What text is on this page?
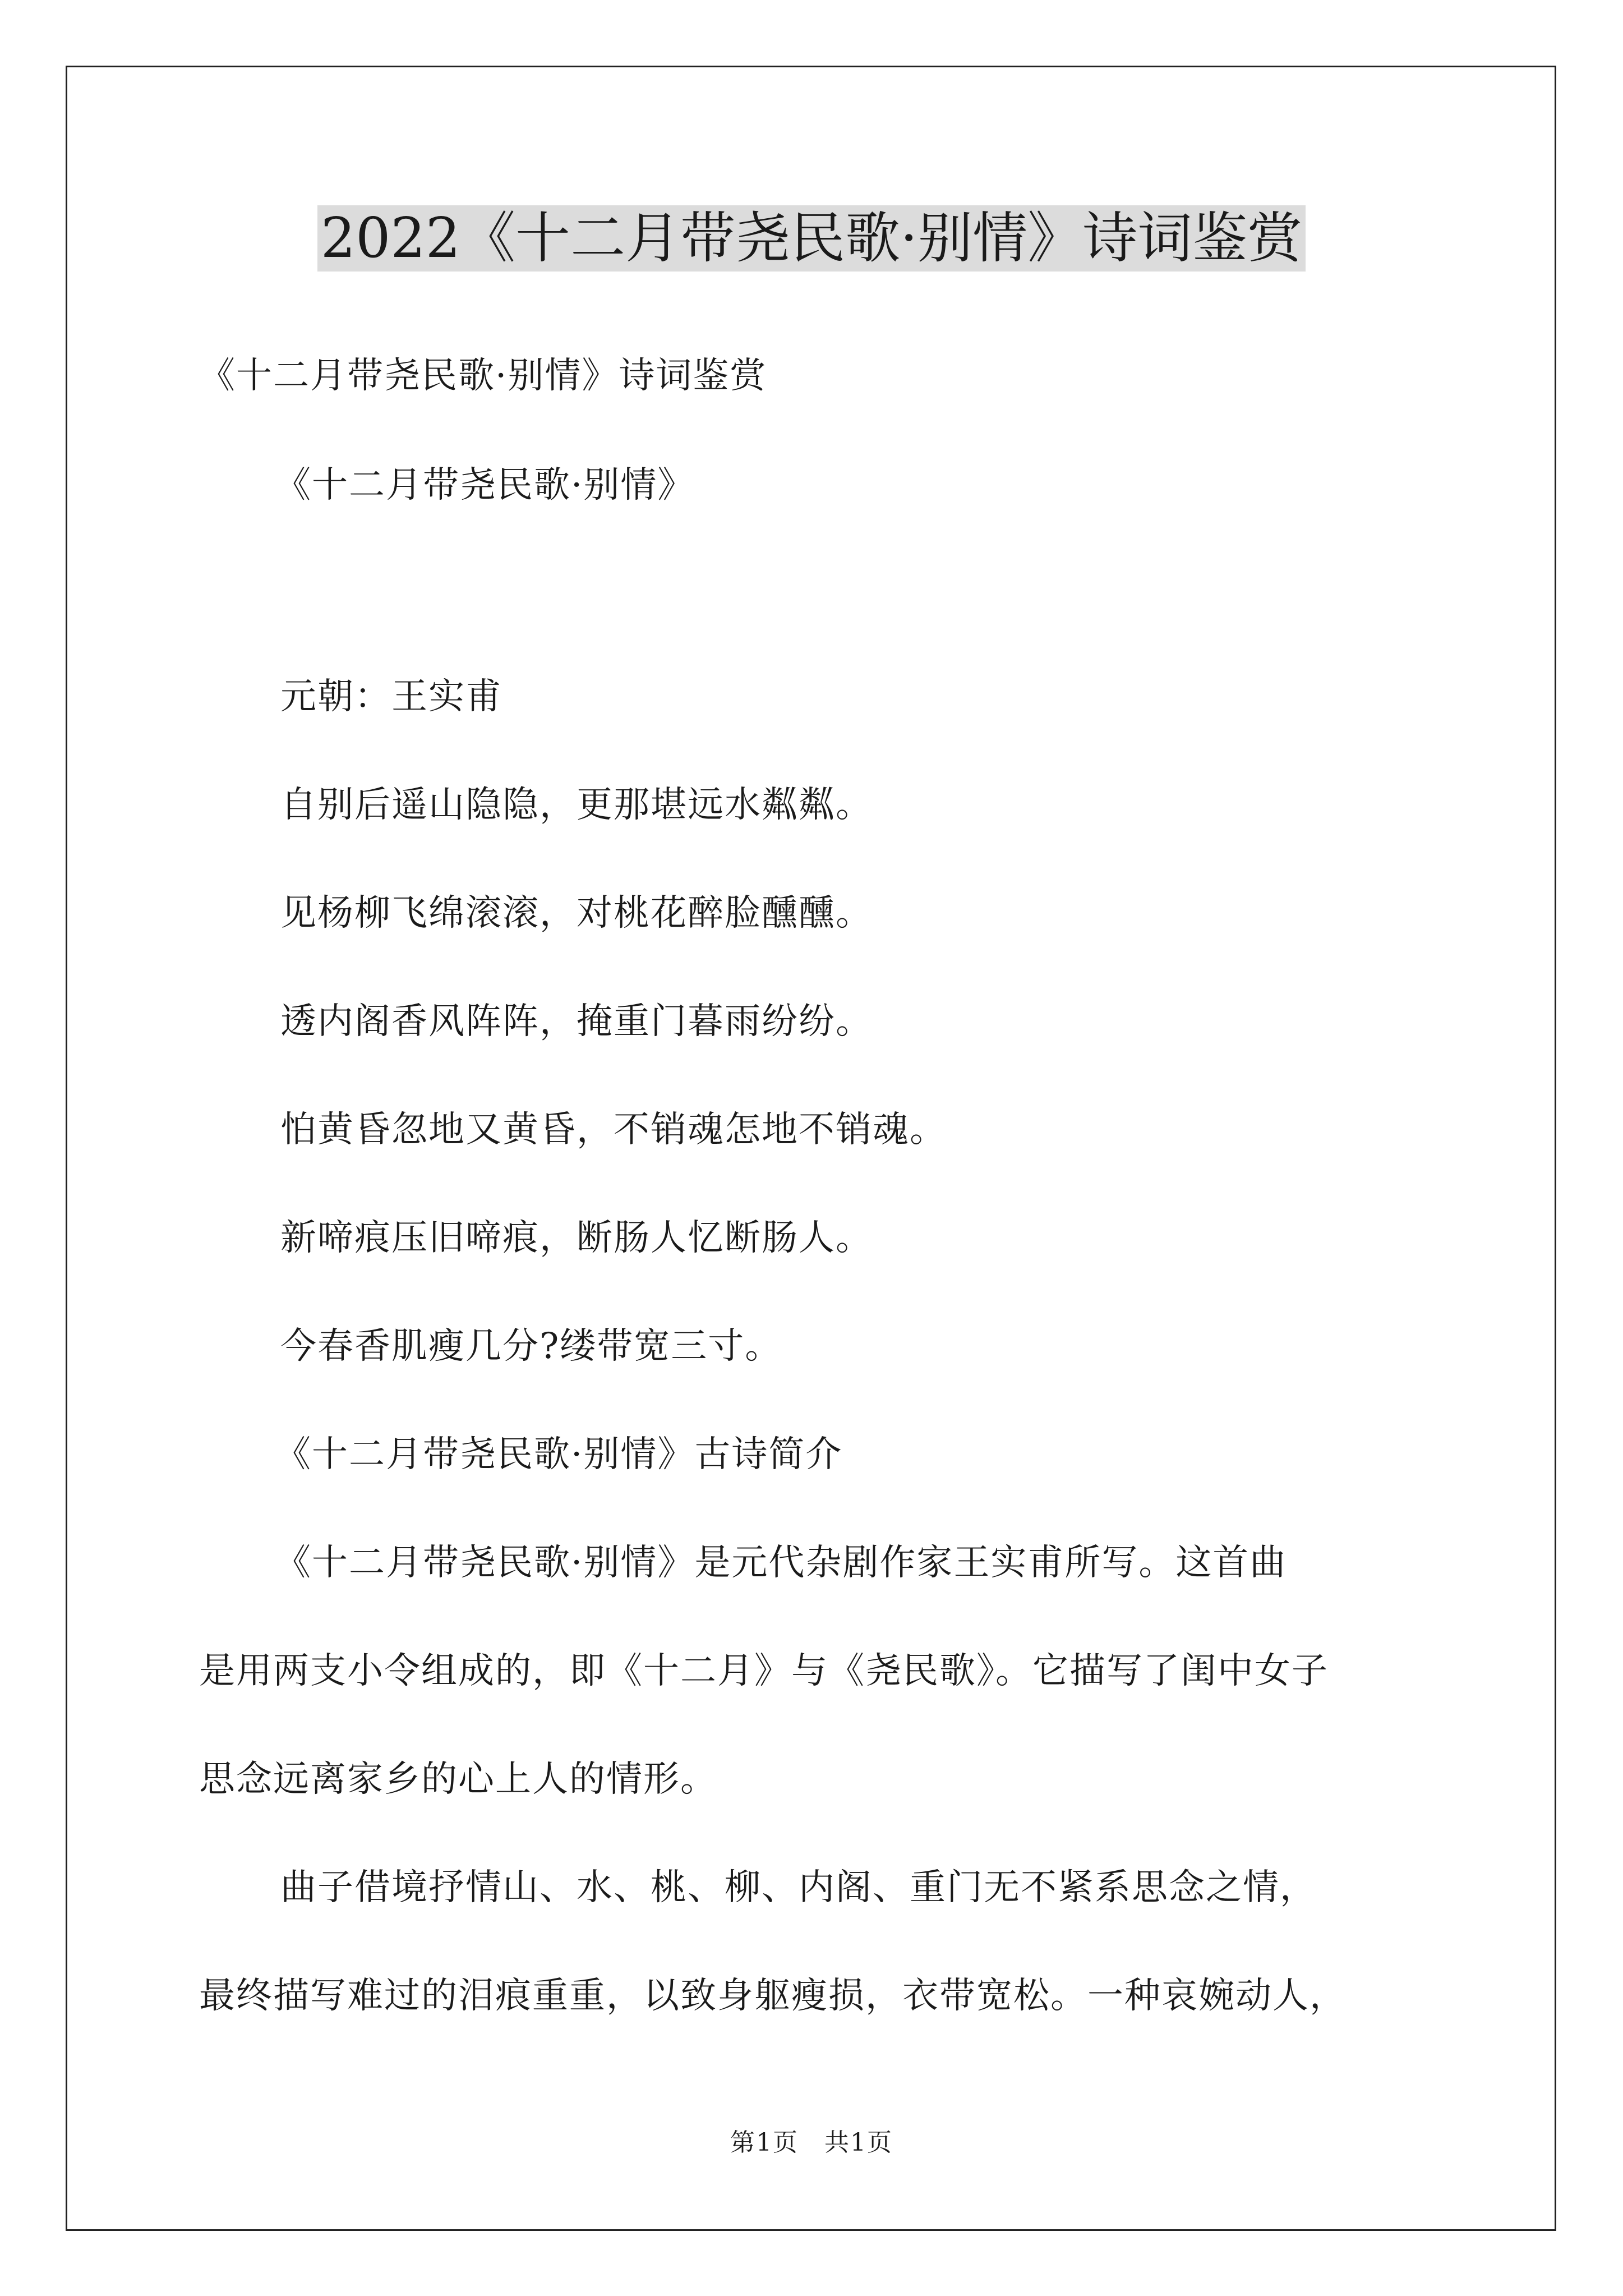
2022《十二月带尧民歌·别情》诗词鉴赏

《十二月带尧民歌·别情》诗词鉴赏

《十二月带尧民歌·别情》

元朝：王实甫

自别后遥山隐隐，更那堪远水粼粼。

见杨柳飞绵滚滚，对桃花醉脸醺醺。

透内阁香风阵阵，掩重门暮雨纷纷。

怕黄昏忽地又黄昏，不销魂怎地不销魂。

新啼痕压旧啼痕，断肠人忆断肠人。

今春香肌瘦几分?缕带宽三寸。

《十二月带尧民歌·别情》古诗简介

《十二月带尧民歌·别情》是元代杂剧作家王实甫所写。这首曲

是用两支小令组成的，即《十二月》与《尧民歌》。它描写了闺中女子

思念远离家乡的心上人的情形。

曲子借境抒情山、水、桃、柳、内阁、重门无不紧系思念之情，

最终描写难过的泪痕重重，以致身躯瘦损，衣带宽松。一种哀婉动人，

第1页　共1页
